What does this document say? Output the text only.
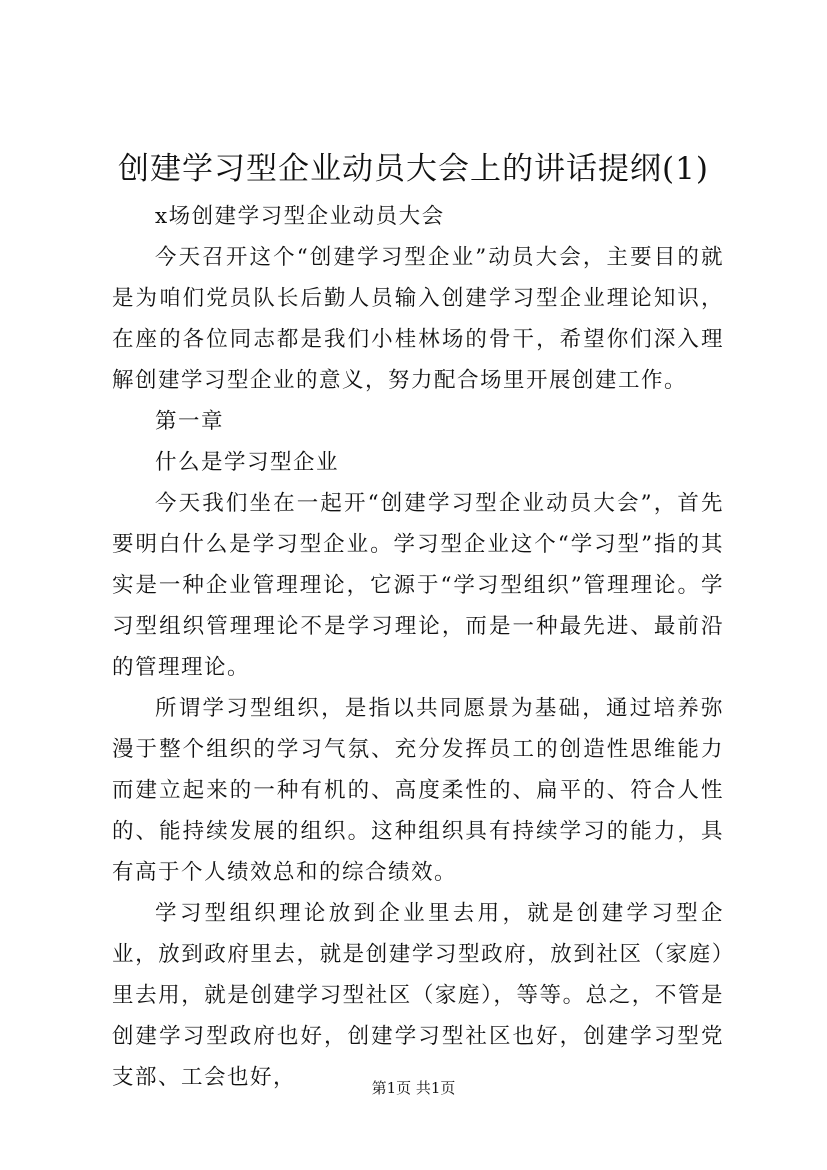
创建学习型企业动员大会上的讲话提纲(1)

x场创建学习型企业动员大会

今天召开这个“创建学习型企业”动员大会，主要目的就是为咱们党员队长后勤人员输入创建学习型企业理论知识，在座的各位同志都是我们小桂林场的骨干，希望你们深入理解创建学习型企业的意义，努力配合场里开展创建工作。

第一章

什么是学习型企业

今天我们坐在一起开“创建学习型企业动员大会”，首先要明白什么是学习型企业。学习型企业这个“学习型”指的其实是一种企业管理理论，它源于“学习型组织”管理理论。学习型组织管理理论不是学习理论，而是一种最先进、最前沿的管理理论。

所谓学习型组织，是指以共同愿景为基础，通过培养弥漫于整个组织的学习气氛、充分发挥员工的创造性思维能力而建立起来的一种有机的、高度柔性的、扁平的、符合人性的、能持续发展的组织。这种组织具有持续学习的能力，具有高于个人绩效总和的综合绩效。

学习型组织理论放到企业里去用，就是创建学习型企业，放到政府里去，就是创建学习型政府，放到社区（家庭）里去用，就是创建学习型社区（家庭），等等。总之，不管是创建学习型政府也好，创建学习型社区也好，创建学习型党支部、工会也好，	第1页 共1页
